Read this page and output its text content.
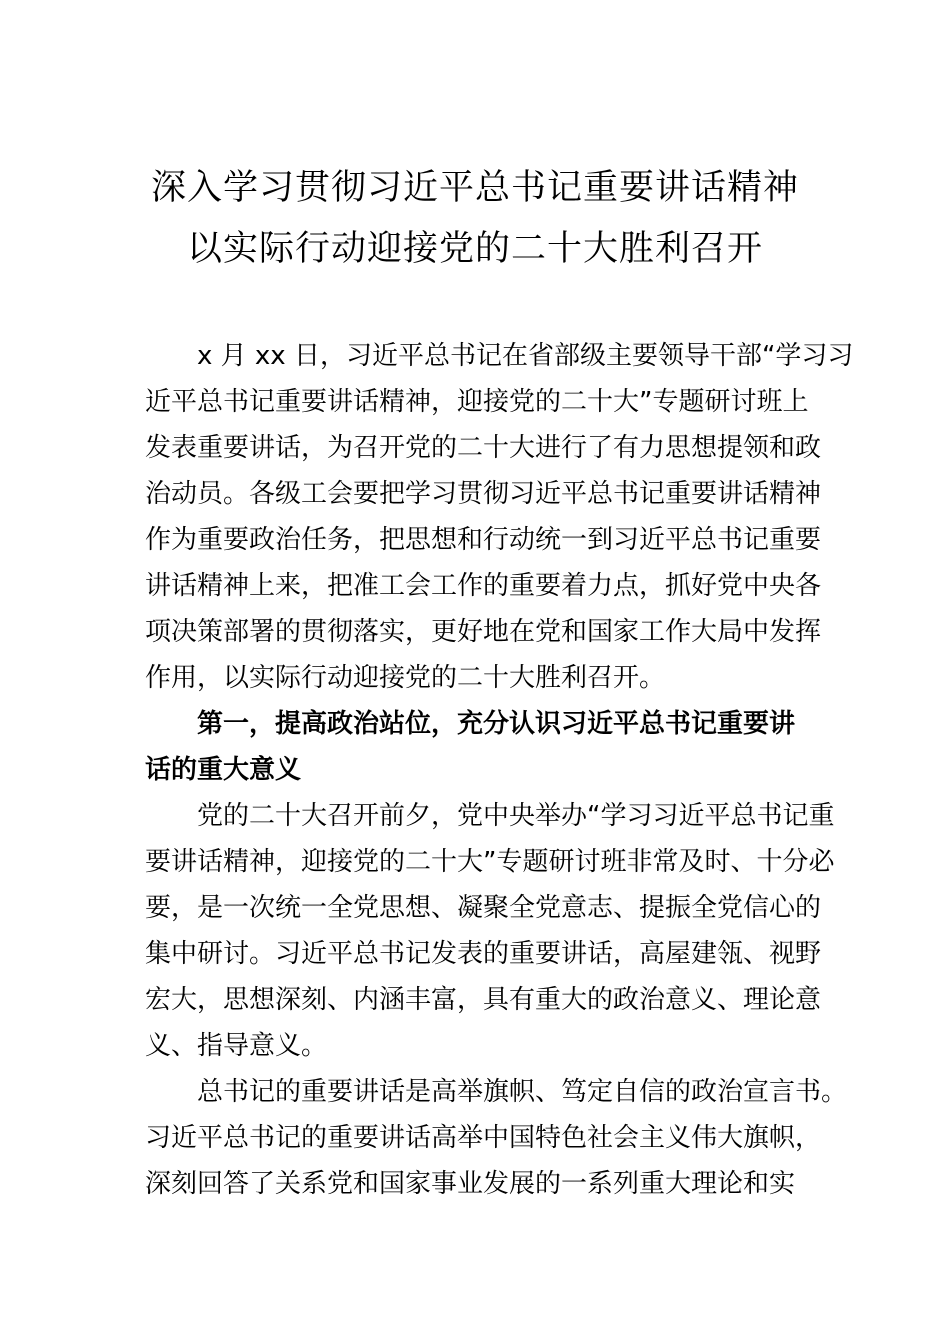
深入学习贯彻习近平总书记重要讲话精神
以实际行动迎接党的二十大胜利召开
x 月 xx 日，习近平总书记在省部级主要领导干部“学习习
近平总书记重要讲话精神，迎接党的二十大”专题研讨班上
发表重要讲话，为召开党的二十大进行了有力思想提领和政
治动员。各级工会要把学习贯彻习近平总书记重要讲话精神
作为重要政治任务，把思想和行动统一到习近平总书记重要
讲话精神上来，把准工会工作的重要着力点，抓好党中央各
项决策部署的贯彻落实，更好地在党和国家工作大局中发挥
作用，以实际行动迎接党的二十大胜利召开。
第一，提高政治站位，充分认识习近平总书记重要讲
话的重大意义
党的二十大召开前夕，党中央举办“学习习近平总书记重
要讲话精神，迎接党的二十大”专题研讨班非常及时、十分必
要，是一次统一全党思想、凝聚全党意志、提振全党信心的
集中研讨。习近平总书记发表的重要讲话，高屋建瓴、视野
宏大，思想深刻、内涵丰富，具有重大的政治意义、理论意
义、指导意义。
总书记的重要讲话是高举旗帜、笃定自信的政治宣言书。
习近平总书记的重要讲话高举中国特色社会主义伟大旗帜，
深刻回答了关系党和国家事业发展的一系列重大理论和实
